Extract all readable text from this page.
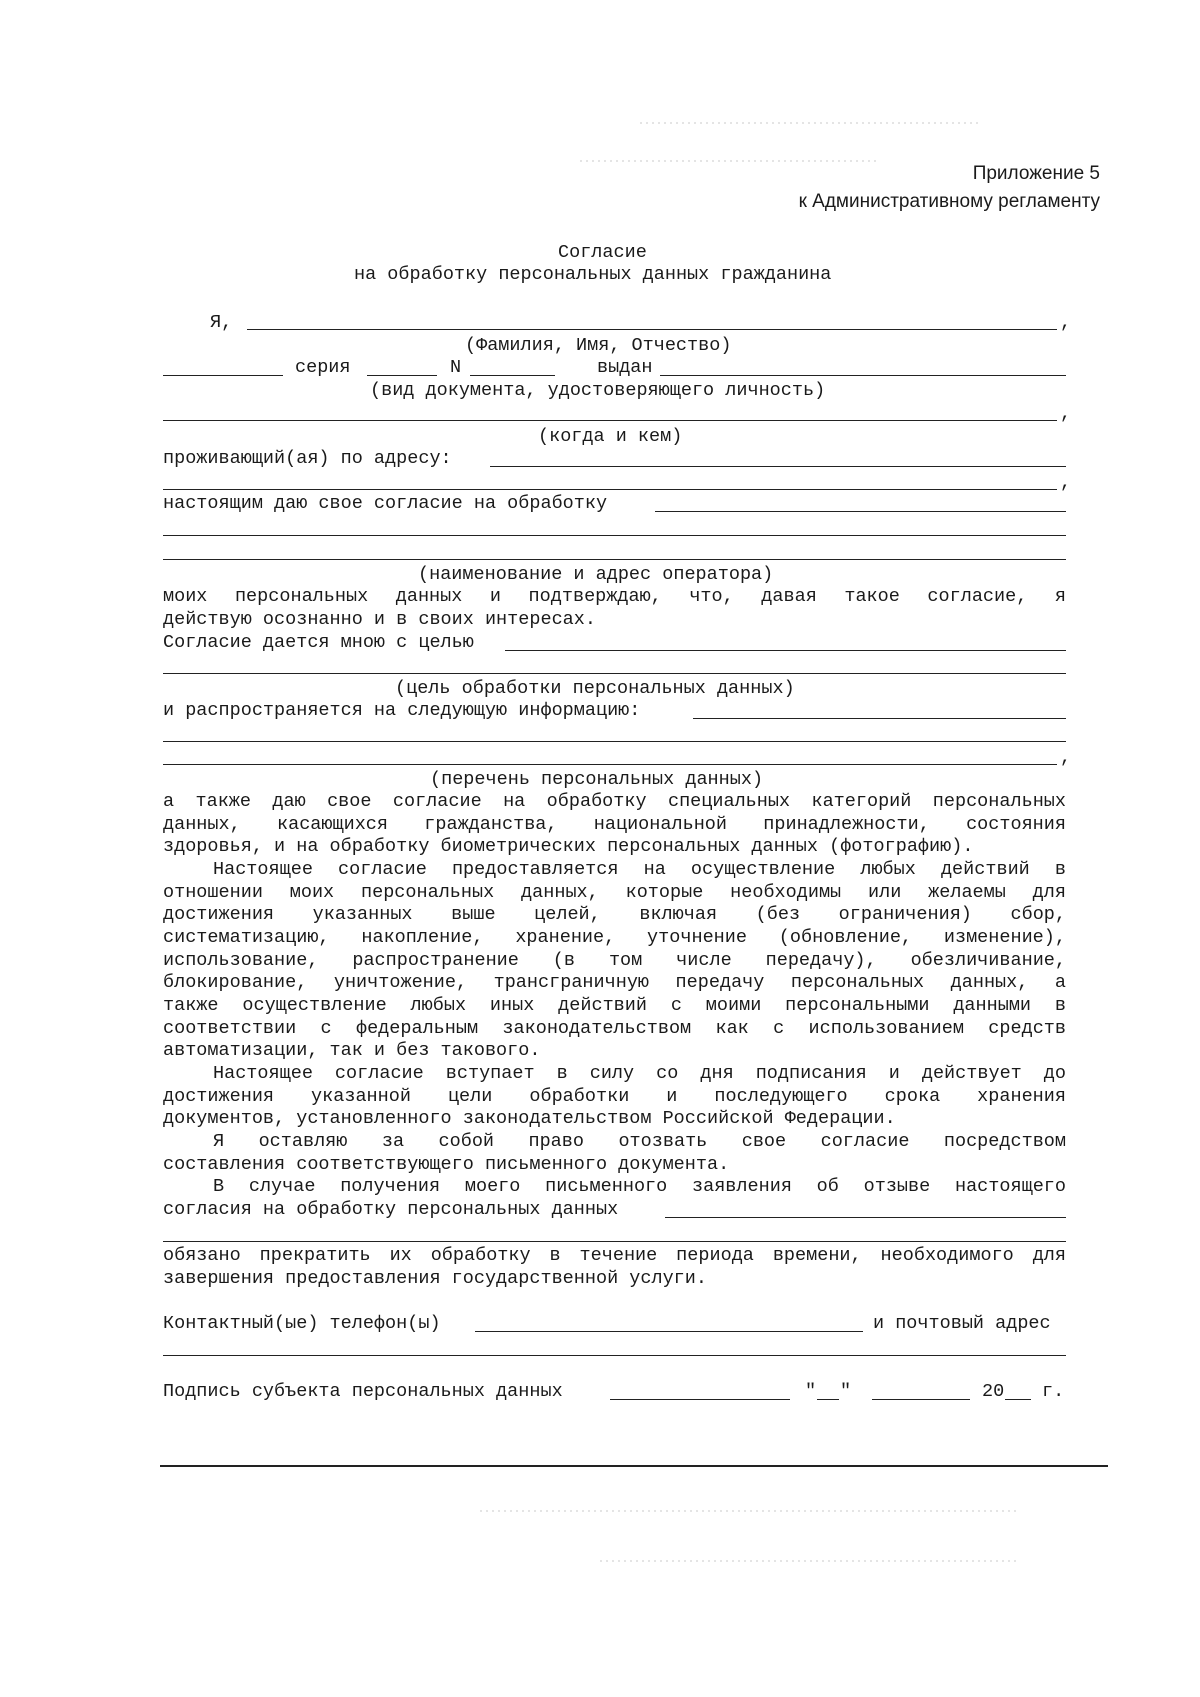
Приложение 5
к Административному регламенту
Согласие
на обработку персональных данных гражданина
Я,	,
(Фамилия, Имя, Отчество)
серия	N	выдан
(вид документа, удостоверяющего личность)
,
(когда и кем)
проживающий(ая) по адресу:
,
настоящим даю свое согласие на обработку
(наименование и адрес оператора)
моих персональных данных и подтверждаю, что, давая такое согласие, я
действую осознанно и в своих интересах.
Согласие дается мною с целью
(цель обработки персональных данных)
и распространяется на следующую информацию:
,
(перечень персональных данных)
а также даю свое согласие на обработку специальных категорий персональных
данных, касающихся гражданства, национальной принадлежности, состояния
здоровья, и на обработку биометрических персональных данных (фотографию).
Настоящее согласие предоставляется на осуществление любых действий в
отношении моих персональных данных, которые необходимы или желаемы для
достижения указанных выше целей, включая (без ограничения) сбор,
систематизацию, накопление, хранение, уточнение (обновление, изменение),
использование, распространение (в том числе передачу), обезличивание,
блокирование, уничтожение, трансграничную передачу персональных данных, а
также осуществление любых иных действий с моими персональными данными в
соответствии с федеральным законодательством как с использованием средств
автоматизации, так и без такового.
Настоящее согласие вступает в силу со дня подписания и действует до
достижения указанной цели обработки и последующего срока хранения
документов, установленного законодательством Российской Федерации.
Я оставляю за собой право отозвать свое согласие посредством
составления соответствующего письменного документа.
В случае получения моего письменного заявления об отзыве настоящего
согласия на обработку персональных данных
обязано прекратить их обработку в течение периода времени, необходимого для
завершения предоставления государственной услуги.
Контактный(ые) телефон(ы)	и почтовый адрес
Подпись субъекта персональных данных	" "	20 г.
